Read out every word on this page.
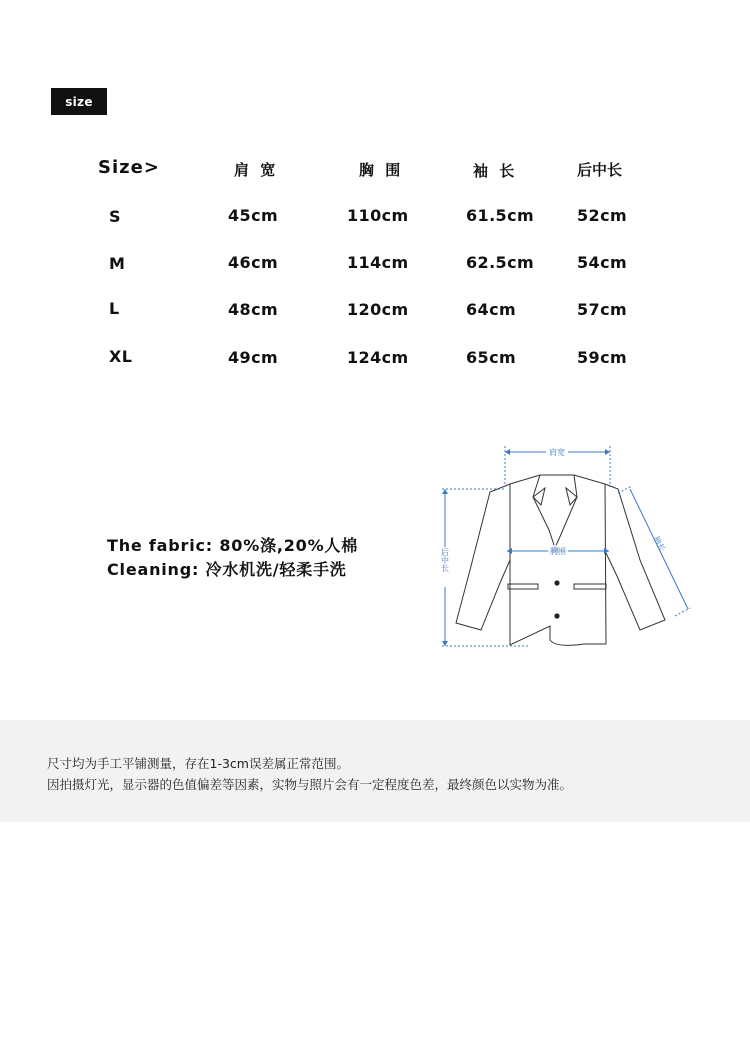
size
Size>	肩 宽	胸 围	袖 长	后中长
S	45cm	110cm	61.5cm	52cm
M	46cm	114cm	62.5cm	54cm
L	48cm	120cm	64cm	57cm
XL	49cm	124cm	65cm	59cm
The fabric: 80%涤,20%人棉
Cleaning: 冷水机洗/轻柔手洗
肩宽
胸围
后中长
袖长
尺寸均为手工平铺测量，存在1-3cm误差属正常范围。
因拍摄灯光，显示器的色值偏差等因素，实物与照片会有一定程度色差，最终颜色以实物为准。
